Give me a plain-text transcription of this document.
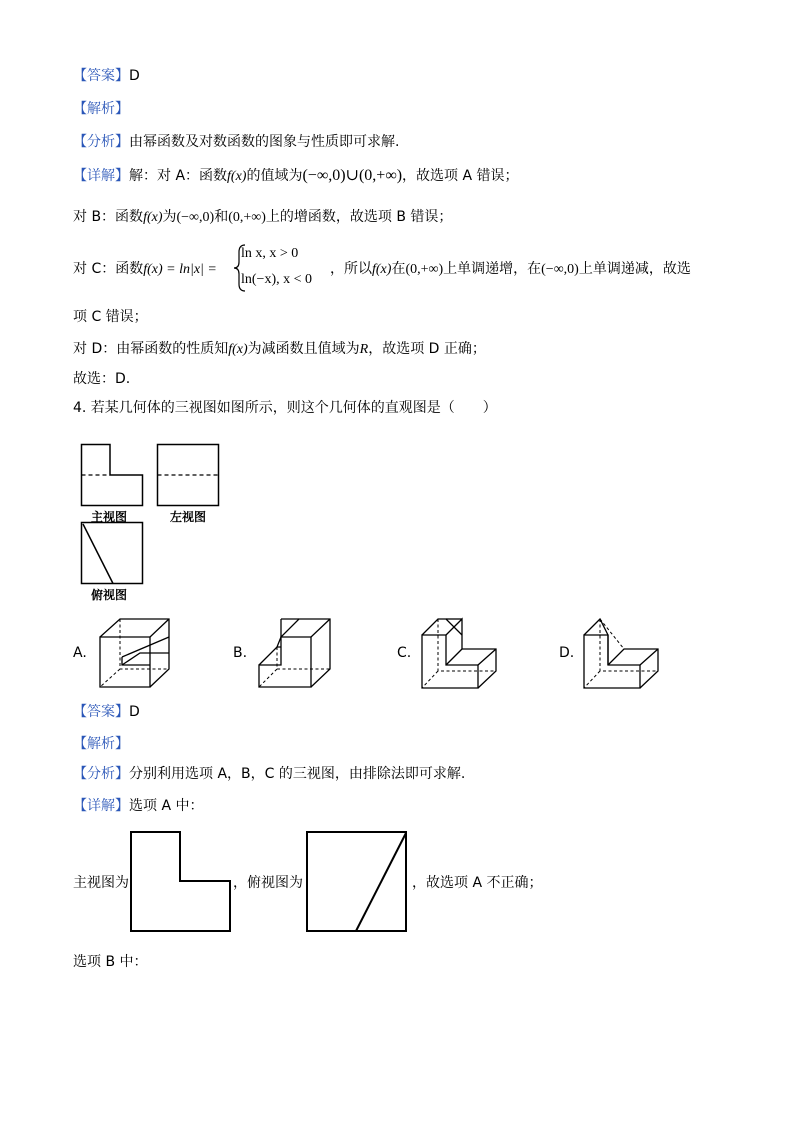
【答案】D
【解析】
【分析】由幂函数及对数函数的图象与性质即可求解.
【详解】解：对 A：函数f(x)的值域为(−∞,0)∪(0,+∞)，故选项 A 错误；
对 B：函数f(x)为(−∞,0)和(0,+∞)上的增函数，故选项 B 错误；
对 C：函数f(x) = ln|x| =
ln x, x > 0
ln(−x), x < 0
，所以f(x)在(0,+∞)上单调递增，在(−∞,0)上单调递减，故选
项 C 错误；
对 D：由幂函数的性质知f(x)为减函数且值域为R，故选项 D 正确；
故选：D.
4. 若某几何体的三视图如图所示，则这个几何体的直观图是（　　）
主视图	左视图
俯视图
A.	B.	C.	D.
【答案】D
【解析】
【分析】分别利用选项 A，B，C 的三视图，由排除法即可求解.
【详解】选项 A 中：
主视图为	，俯视图为	，故选项 A 不正确；
选项 B 中：
